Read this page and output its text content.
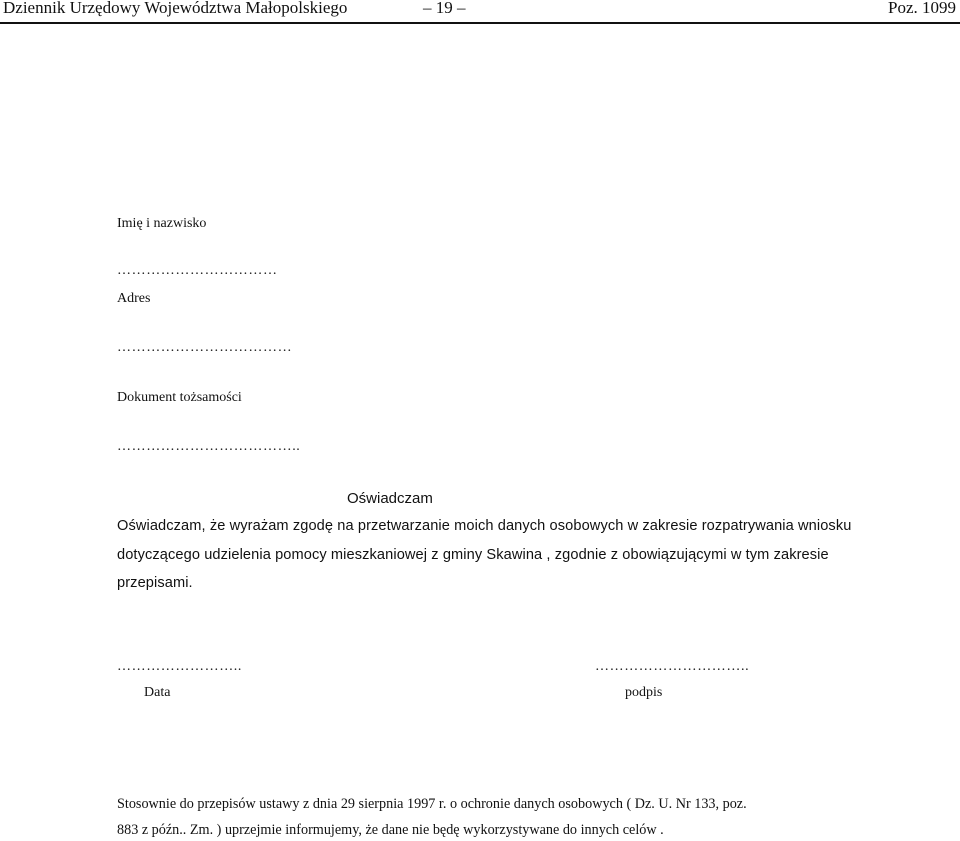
Dziennik Urzędowy Województwa Małopolskiego	– 19 –	Poz. 1099
Imię i nazwisko
……………………………
Adres
………………………………
Dokument tożsamości
………………………………..
Oświadczam
Oświadczam, że wyrażam zgodę na przetwarzanie moich danych osobowych w zakresie rozpatrywania wniosku
dotyczącego udzielenia pomocy mieszkaniowej z gminy Skawina , zgodnie z obowiązującymi w tym zakresie
przepisami.
……………………..
Data
…………………………..
podpis
Stosownie do przepisów ustawy z dnia 29 sierpnia 1997 r. o ochronie danych osobowych ( Dz. U. Nr 133, poz.
883 z późn.. Zm. ) uprzejmie informujemy, że dane nie będę wykorzystywane do innych celów .
